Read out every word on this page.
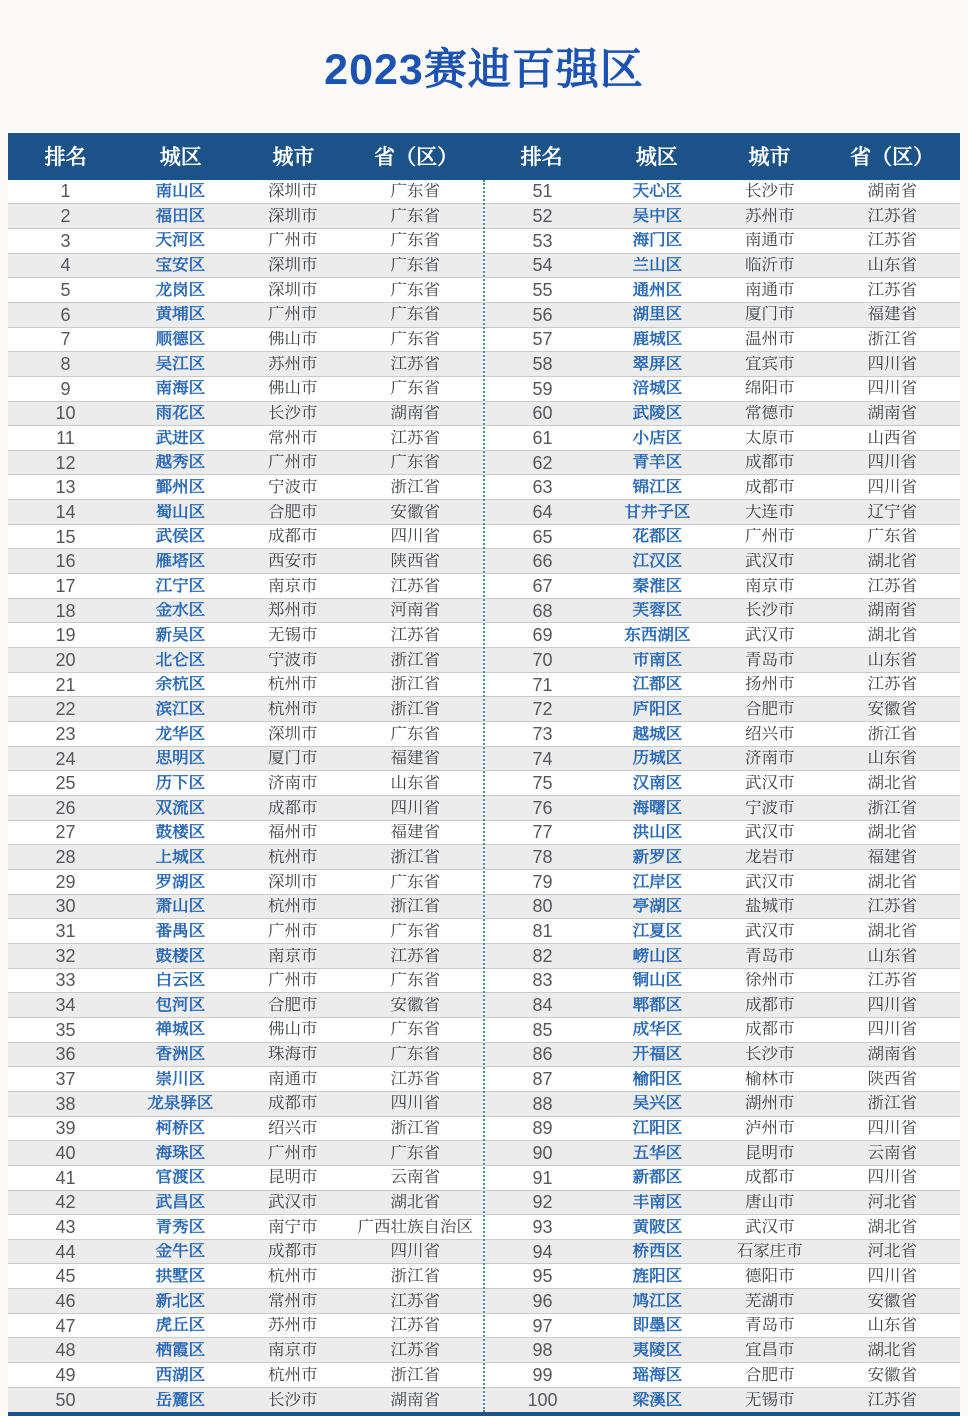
2023赛迪百强区
排名	城区	城市	省（区）	排名	城区	城市	省（区）
1	南山区	深圳市	广东省
2	福田区	深圳市	广东省
3	天河区	广州市	广东省
4	宝安区	深圳市	广东省
5	龙岗区	深圳市	广东省
6	黄埔区	广州市	广东省
7	顺德区	佛山市	广东省
8	吴江区	苏州市	江苏省
9	南海区	佛山市	广东省
10	雨花区	长沙市	湖南省
11	武进区	常州市	江苏省
12	越秀区	广州市	广东省
13	鄞州区	宁波市	浙江省
14	蜀山区	合肥市	安徽省
15	武侯区	成都市	四川省
16	雁塔区	西安市	陕西省
17	江宁区	南京市	江苏省
18	金水区	郑州市	河南省
19	新吴区	无锡市	江苏省
20	北仑区	宁波市	浙江省
21	余杭区	杭州市	浙江省
22	滨江区	杭州市	浙江省
23	龙华区	深圳市	广东省
24	思明区	厦门市	福建省
25	历下区	济南市	山东省
26	双流区	成都市	四川省
27	鼓楼区	福州市	福建省
28	上城区	杭州市	浙江省
29	罗湖区	深圳市	广东省
30	萧山区	杭州市	浙江省
31	番禺区	广州市	广东省
32	鼓楼区	南京市	江苏省
33	白云区	广州市	广东省
34	包河区	合肥市	安徽省
35	禅城区	佛山市	广东省
36	香洲区	珠海市	广东省
37	崇川区	南通市	江苏省
38	龙泉驿区	成都市	四川省
39	柯桥区	绍兴市	浙江省
40	海珠区	广州市	广东省
41	官渡区	昆明市	云南省
42	武昌区	武汉市	湖北省
43	青秀区	南宁市	广西壮族自治区
44	金牛区	成都市	四川省
45	拱墅区	杭州市	浙江省
46	新北区	常州市	江苏省
47	虎丘区	苏州市	江苏省
48	栖霞区	南京市	江苏省
49	西湖区	杭州市	浙江省
50	岳麓区	长沙市	湖南省
51	天心区	长沙市	湖南省
52	吴中区	苏州市	江苏省
53	海门区	南通市	江苏省
54	兰山区	临沂市	山东省
55	通州区	南通市	江苏省
56	湖里区	厦门市	福建省
57	鹿城区	温州市	浙江省
58	翠屏区	宜宾市	四川省
59	涪城区	绵阳市	四川省
60	武陵区	常德市	湖南省
61	小店区	太原市	山西省
62	青羊区	成都市	四川省
63	锦江区	成都市	四川省
64	甘井子区	大连市	辽宁省
65	花都区	广州市	广东省
66	江汉区	武汉市	湖北省
67	秦淮区	南京市	江苏省
68	芙蓉区	长沙市	湖南省
69	东西湖区	武汉市	湖北省
70	市南区	青岛市	山东省
71	江都区	扬州市	江苏省
72	庐阳区	合肥市	安徽省
73	越城区	绍兴市	浙江省
74	历城区	济南市	山东省
75	汉南区	武汉市	湖北省
76	海曙区	宁波市	浙江省
77	洪山区	武汉市	湖北省
78	新罗区	龙岩市	福建省
79	江岸区	武汉市	湖北省
80	亭湖区	盐城市	江苏省
81	江夏区	武汉市	湖北省
82	崂山区	青岛市	山东省
83	铜山区	徐州市	江苏省
84	郫都区	成都市	四川省
85	成华区	成都市	四川省
86	开福区	长沙市	湖南省
87	榆阳区	榆林市	陕西省
88	吴兴区	湖州市	浙江省
89	江阳区	泸州市	四川省
90	五华区	昆明市	云南省
91	新都区	成都市	四川省
92	丰南区	唐山市	河北省
93	黄陂区	武汉市	湖北省
94	桥西区	石家庄市	河北省
95	旌阳区	德阳市	四川省
96	鸠江区	芜湖市	安徽省
97	即墨区	青岛市	山东省
98	夷陵区	宜昌市	湖北省
99	瑶海区	合肥市	安徽省
100	梁溪区	无锡市	江苏省
